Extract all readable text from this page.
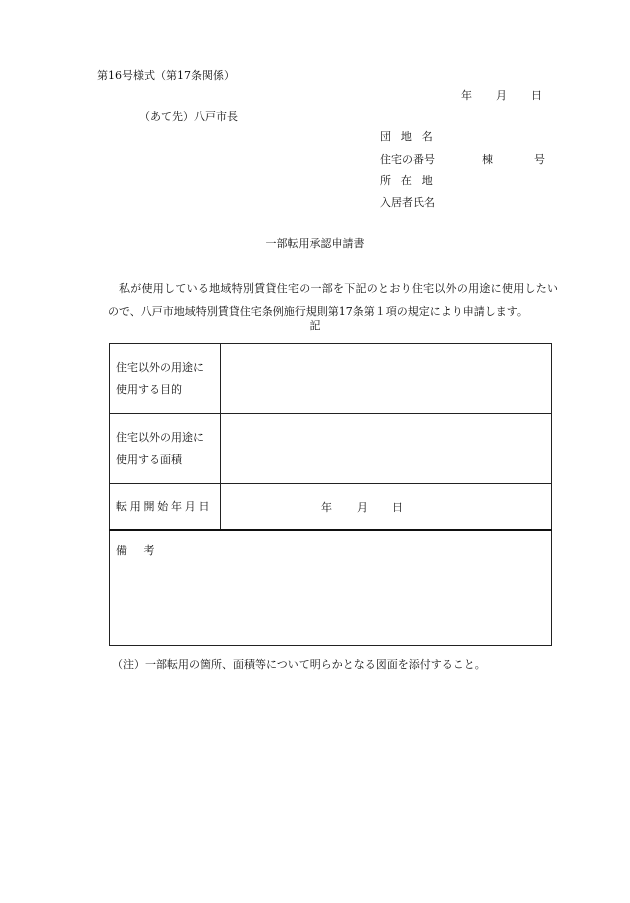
第16号様式（第17条関係）
年 月 日
（あて先）八戸市長
団地名
住宅の番号	棟	号
所在地
入居者氏名
一部転用承認申請書
私が使用している地域特別賃貸住宅の一部を下記のとおり住宅以外の用途に使用したいので、八戸市地域特別賃貸住宅条例施行規則第17条第１項の規定により申請します。
記
住宅以外の用途に
使用する目的	

住宅以外の用途に
使用する面積	

転用開始年月日	年 月 日

備考	
（注）一部転用の箇所、面積等について明らかとなる図面を添付すること。
